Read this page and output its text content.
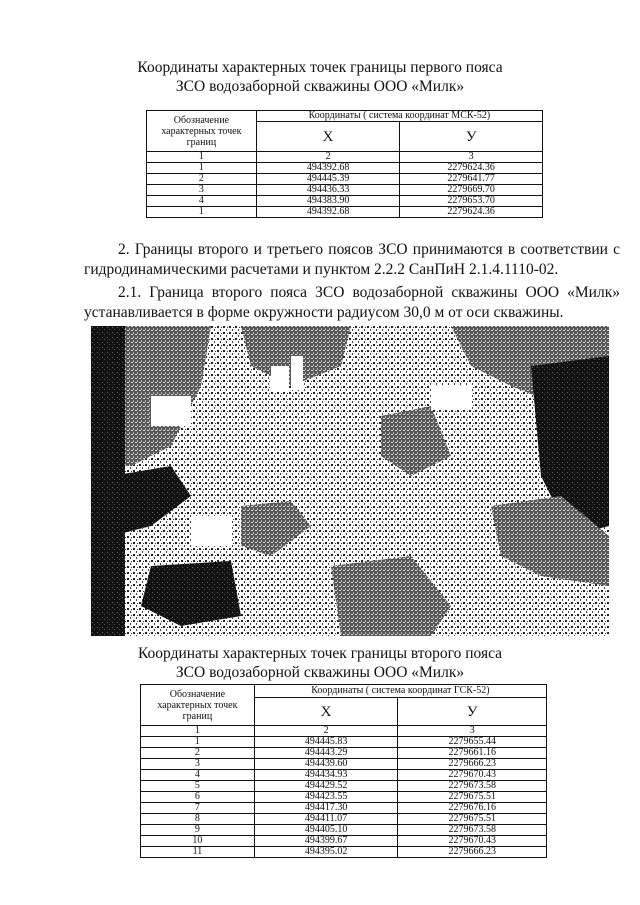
Координаты характерных точек границы первого пояса
ЗСО водозаборной скважины ООО «Милк»
Обозначение характерных точек границ	Координаты ( система координат МСК-52)	
	Х	У
1	2	3
1	494392.68	2279624.36
2	494445.39	2279641.77
3	494436.33	2279669.70
4	494383.90	2279653.70
1	494392.68	2279624.36
2. Границы второго и третьего поясов ЗСО принимаются в соответствии с гидродинамическими расчетами и пунктом 2.2.2 СанПиН 2.1.4.1110-02.
2.1. Граница второго пояса ЗСО водозаборной скважины ООО «Милк» устанавливается в форме окружности радиусом 30,0 м от оси скважины.
Координаты характерных точек границы второго пояса
ЗСО водозаборной скважины ООО «Милк»
Обозначение характерных точек границ	Координаты ( система координат ГСК-52)	
	Х	У
1	2	3
1	494445.83	2279655.44
2	494443.29	2279661.16
3	494439.60	2279666.23
4	494434.93	2279670.43
5	494429.52	2279673.58
6	494423.55	2279675.51
7	494417.30	2279676.16
8	494411.07	2279675.51
9	494405.10	2279673.58
10	494399.67	2279670.43
11	494395.02	2279666.23
